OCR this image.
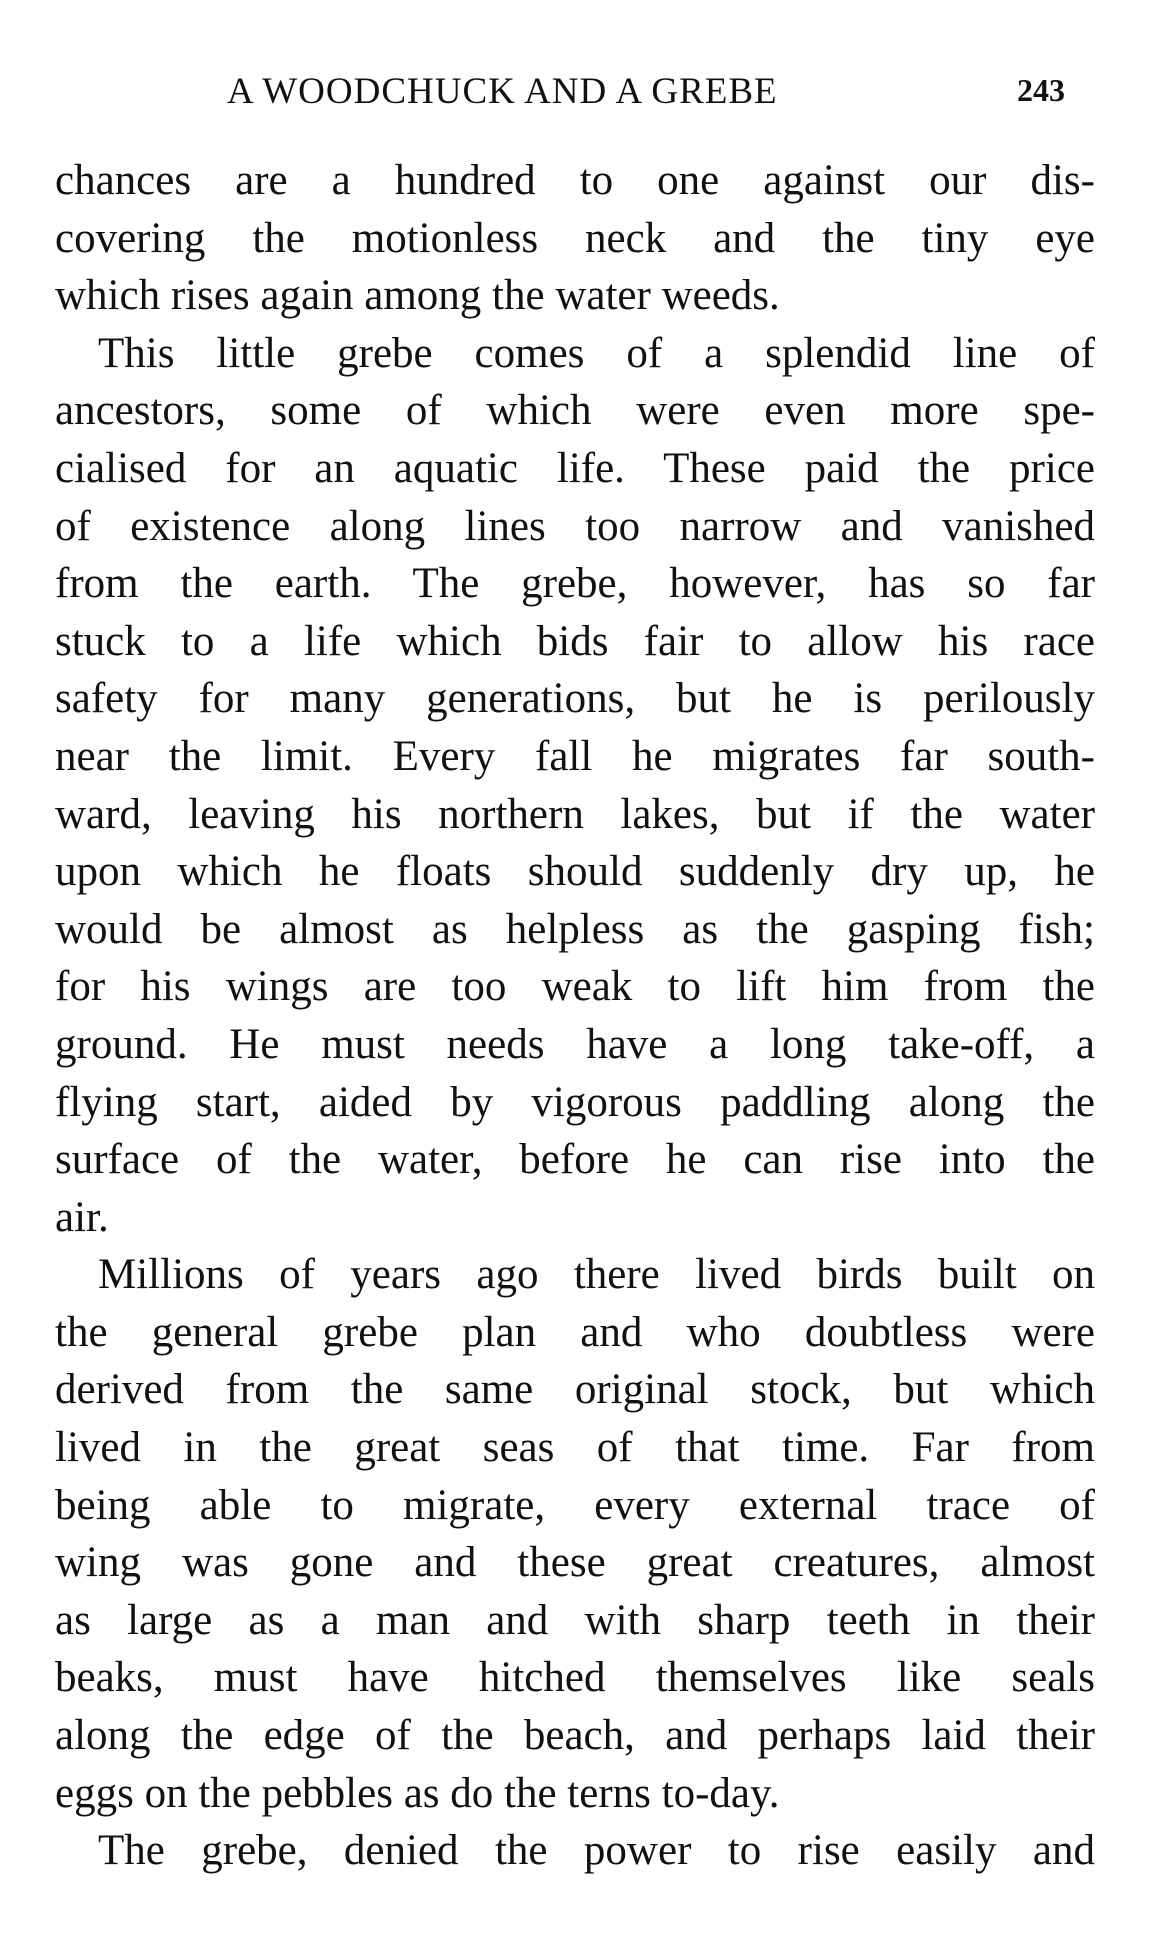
A WOODCHUCK AND A GREBE	243
chances are a hundred to one against our dis-
covering the motionless neck and the tiny eye
which rises again among the water weeds.
This little grebe comes of a splendid line of
ancestors, some of which were even more spe-
cialised for an aquatic life. These paid the price
of existence along lines too narrow and vanished
from the earth. The grebe, however, has so far
stuck to a life which bids fair to allow his race
safety for many generations, but he is perilously
near the limit. Every fall he migrates far south-
ward, leaving his northern lakes, but if the water
upon which he floats should suddenly dry up, he
would be almost as helpless as the gasping fish;
for his wings are too weak to lift him from the
ground. He must needs have a long take-off, a
flying start, aided by vigorous paddling along the
surface of the water, before he can rise into the
air.
Millions of years ago there lived birds built on
the general grebe plan and who doubtless were
derived from the same original stock, but which
lived in the great seas of that time. Far from
being able to migrate, every external trace of
wing was gone and these great creatures, almost
as large as a man and with sharp teeth in their
beaks, must have hitched themselves like seals
along the edge of the beach, and perhaps laid their
eggs on the pebbles as do the terns to-day.
The grebe, denied the power to rise easily and
